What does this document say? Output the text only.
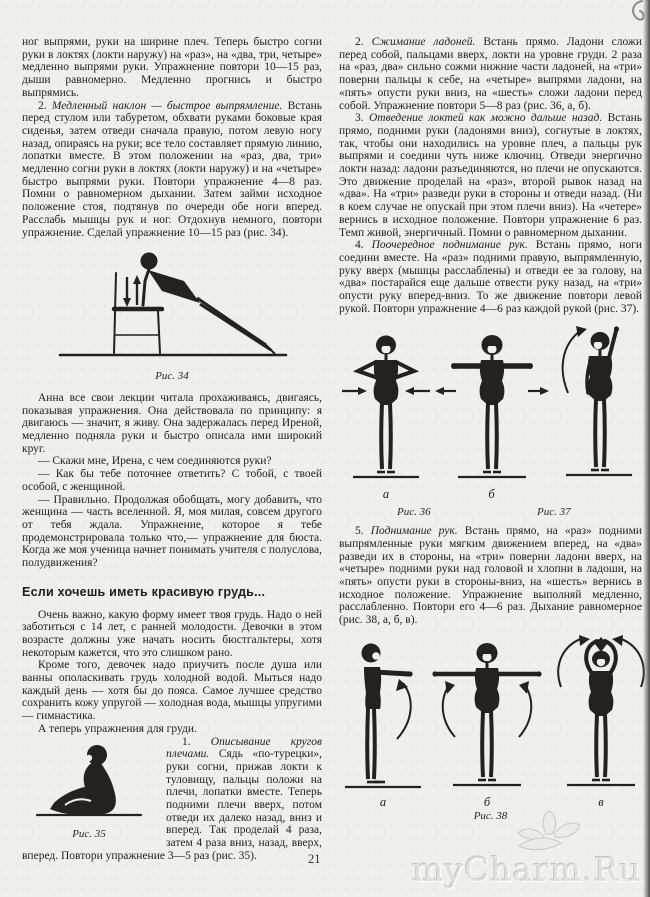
ног выпрями, руки на ширине плеч. Теперь быстро согни руки в локтях (локти наружу) на «раз», на «два, три, четыре» медленно выпрями руки. Упражнение повтори 10—15 раз, дыши равномерно. Медленно прогнись и быстро выпрямись.

2. Медленный наклон — быстрое выпрямление. Встань перед стулом или табуретом, обхвати руками боковые края сиденья, затем отведи сначала правую, потом левую ногу назад, опираясь на руки; все тело составляет прямую линию, лопатки вместе. В этом положении на «раз, два, три» медленно согни руки в локтях (локти наружу) и на «четыре» быстро выпрями руки. Повтори упражнение 4—8 раз. Помни о равномерном дыхании. Затем займи исходное положение стоя, подтянув по очереди обе ноги вперед. Расслабь мышцы рук и ног. Отдохнув немного, повтори упражнение. Сделай упражнение 10—15 раз (рис. 34).

Рис. 34

Анна все свои лекции читала прохаживаясь, двигаясь, показывая упражнения. Она действовала по принципу: я двигаюсь — значит, я живу. Она задержалась перед Иреной, медленно подняла руки и быстро описала ими широкий круг.

— Скажи мне, Ирена, с чем соединяются руки?

— Как бы тебе поточнее ответить? С тобой, с твоей особой, с женщиной.

— Правильно. Продолжая обобщать, могу добавить, что женщина — часть вселенной. Я, моя милая, совсем другого от тебя ждала. Упражнение, которое я тебе продемонстрировала только что,— упражнение для бюста. Когда же моя ученица начнет понимать учителя с полуслова, полудвижения?

Если хочешь иметь красивую грудь...

Очень важно, какую форму имеет твоя грудь. Надо о ней заботиться с 14 лет, с ранней молодости. Девочки в этом возрасте должны уже начать носить бюстгальтеры, хотя некоторым кажется, что это слишком рано.

Кроме того, девочек надо приучить после душа или ванны ополаскивать грудь холодной водой. Мыться надо каждый день — хотя бы до пояса. Самое лучшее средство сохранить кожу упругой — холодная вода, мышцы упругими — гимнастика.

А теперь упражнения для груди.

Рис. 35

1. Описывание кругов плечами. Сядь «по-турецки», руки согни, прижав локти к туловищу, пальцы положи на плечи, лопатки вместе. Теперь подними плечи вверх, потом отведи их далеко назад, вниз и вперед. Так проделай 4 раза, затем 4 раза вниз, назад, вверх, вперед. Повтори упражнение 3—5 раз (рис. 35).

2. Сжимание ладоней. Встань прямо. Ладони сложи перед собой, пальцами вверх, локти на уровне груди. 2 раза на «раз, два» сильно сожми нижние части ладоней, на «три» поверни пальцы к себе, на «четыре» выпрями ладони, на «пять» опусти руки вниз, на «шесть» сложи ладони перед собой. Упражнение повтори 5—8 раз (рис. 36, а, б).

3. Отведение локтей как можно дальше назад. Встань прямо, подними руки (ладонями вниз), согнутые в локтях, так, чтобы они находились на уровне плеч, а пальцы рук выпрями и соедини чуть ниже ключиц. Отведи энергично локти назад: ладони разъединяются, но плечи не опускаются. Это движение проделай на «раз», второй рывок назад на «два». На «три» разведи руки в стороны и отведи назад. (Ни в коем случае не опускай при этом плечи вниз). На «четере» вернись в исходное положение. Повтори упражнение 6 раз. Темп живой, энергичный. Помни о равномерном дыхании.

4. Поочередное поднимание рук. Встань прямо, ноги соедини вместе. На «раз» подними правую, выпрямленную, руку вверх (мышцы расслаблены) и отведи ее за голову, на «два» постарайся еще дальше отвести руку назад, на «три» опусти руку вперед-вниз. То же движение повтори левой рукой. Повтори упражнение 4—6 раз каждой рукой (рис. 37).

а	б
Рис. 36	Рис. 37

5. Поднимание рук. Встань прямо, на «раз» подними выпрямленные руки мягким движением вперед, на «два» разведи их в стороны, на «три» поверни ладони вверх, на «четыре» подними руки над головой и хлопни в ладоши, на «пять» опусти руки в стороны-вниз, на «шесть» вернись в исходное положение. Упражнение выполняй медленно, расслабленно. Повтори его 4—6 раз. Дыхание равномерное (рис. 38, а, б, в).

а	б	в
Рис. 38
21	myCharm.Ru
